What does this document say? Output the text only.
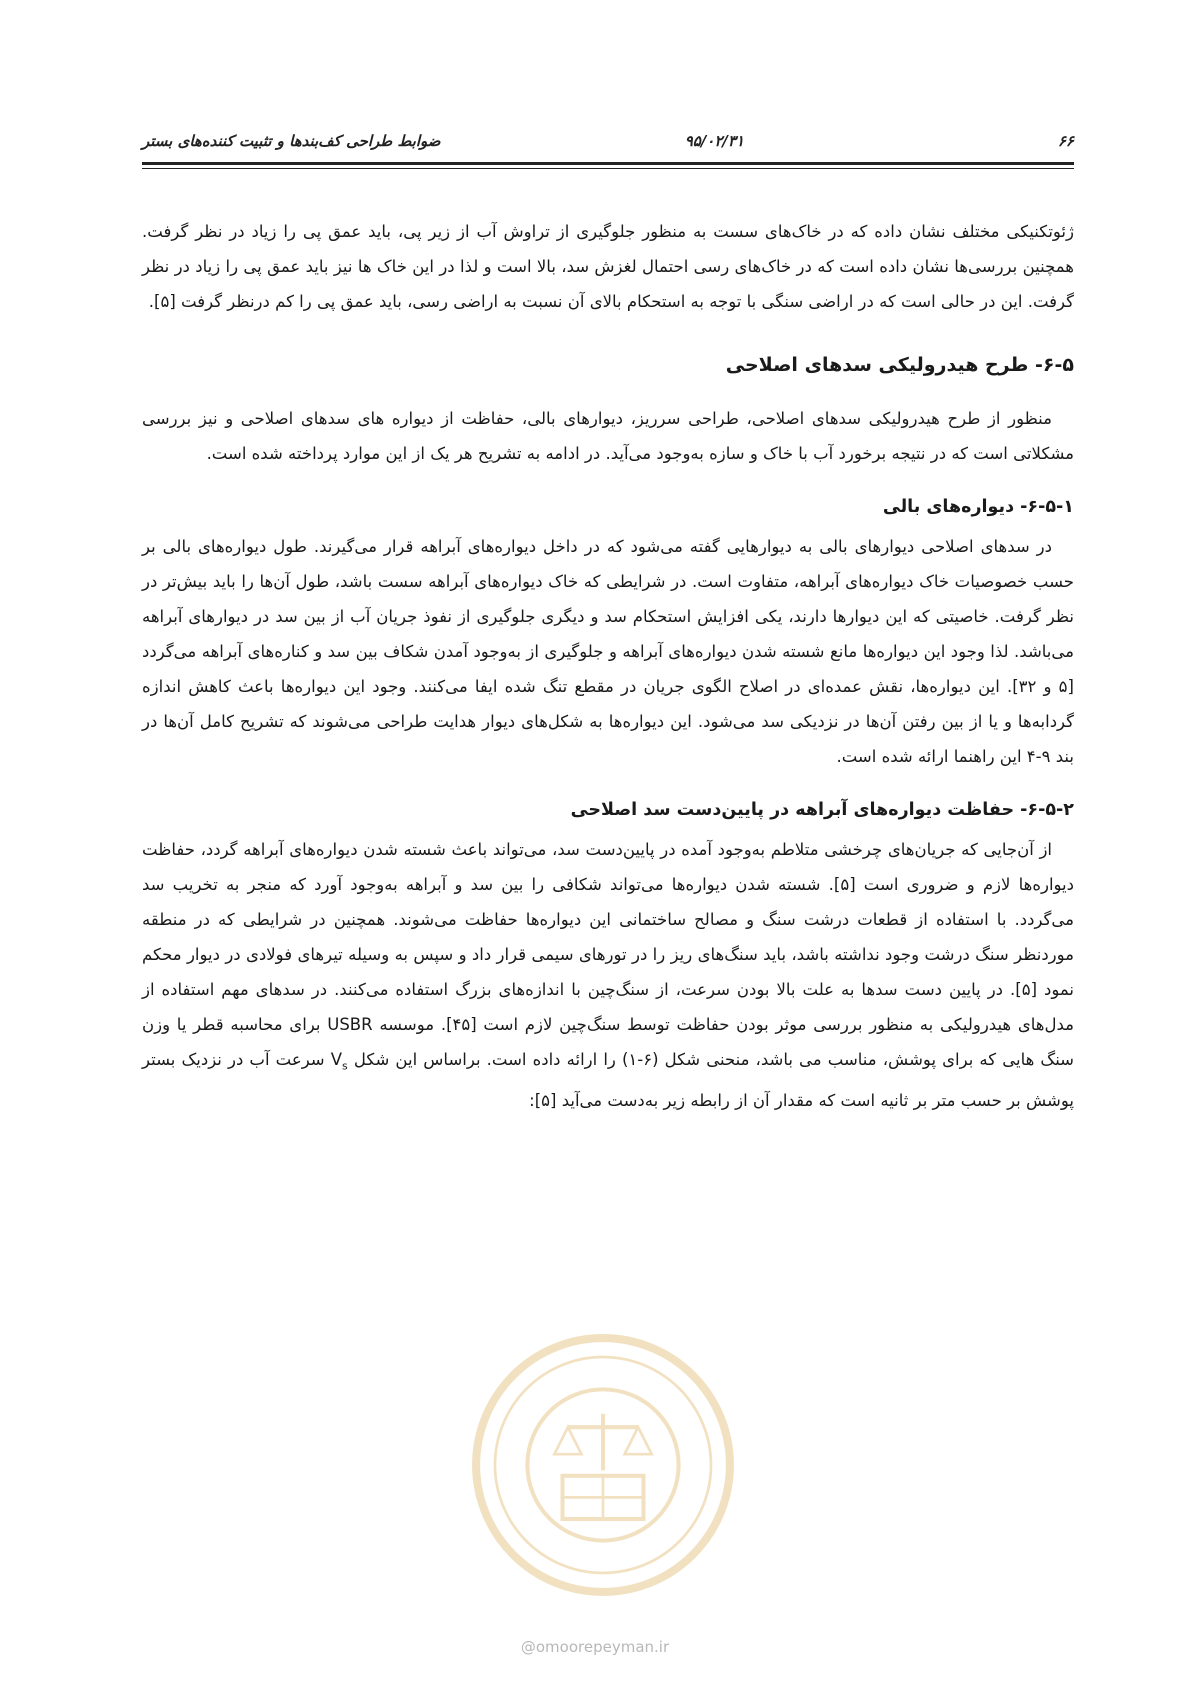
۶۶
۹۵/۰۲/۳۱
ضوابط طراحی کف‌بندها و تثبیت کننده‌های بستر

ژئوتکنیکی مختلف نشان داده که در خاک‌های سست به منظور جلوگیری از تراوش آب از زیر پی، باید عمق پی را زیاد در نظر گرفت. همچنین بررسی‌ها نشان داده است که در خاک‌های رسی احتمال لغزش سد، بالا است و لذا در این خاک ها نیز باید عمق پی را زیاد در نظر گرفت. این در حالی است که در اراضی سنگی با توجه به استحکام بالای آن نسبت به اراضی رسی، باید عمق پی را کم درنظر گرفت [۵].

۶-۵- طرح هیدرولیکی سدهای اصلاحی

منظور از طرح هیدرولیکی سدهای اصلاحی، طراحی سرریز، دیوارهای بالی، حفاظت از دیواره های سدهای اصلاحی و نیز بررسی مشکلاتی است که در نتیجه برخورد آب با خاک و سازه به‌وجود می‌آید. در ادامه به تشریح هر یک از این موارد پرداخته شده است.

۶-۵-۱- دیواره‌های بالی

در سدهای اصلاحی دیوارهای بالی به دیوارهایی گفته می‌شود که در داخل دیواره‌های آبراهه قرار می‌گیرند. طول دیواره‌های بالی بر حسب خصوصیات خاک دیواره‌های آبراهه، متفاوت است. در شرایطی که خاک دیواره‌های آبراهه سست باشد، طول آن‌ها را باید بیش‌تر در نظر گرفت. خاصیتی که این دیوارها دارند، یکی افزایش استحکام سد و دیگری جلوگیری از نفوذ جریان آب از بین سد در دیوارهای آبراهه می‌باشد. لذا وجود این دیواره‌ها مانع شسته شدن دیواره‌های آبراهه و جلوگیری از به‌وجود آمدن شکاف بین سد و کناره‌های آبراهه می‌گردد [۵ و ۳۲]. این دیواره‌ها، نقش عمده‌ای در اصلاح الگوی جریان در مقطع تنگ شده ایفا می‌کنند. وجود این دیواره‌ها باعث کاهش اندازه گردابه‌ها و یا از بین رفتن آن‌ها در نزدیکی سد می‌شود. این دیواره‌ها به شکل‌های دیوار هدایت طراحی می‌شوند که تشریح کامل آن‌ها در بند ۹-۴ این راهنما ارائه شده است.

۶-۵-۲- حفاظت دیواره‌های آبراهه در پایین‌دست سد اصلاحی

از آن‌جایی که جریان‌های چرخشی متلاطم به‌وجود آمده در پایین‌دست سد، می‌تواند باعث شسته شدن دیواره‌های آبراهه گردد، حفاظت دیواره‌ها لازم و ضروری است [۵]. شسته شدن دیواره‌ها می‌تواند شکافی را بین سد و آبراهه به‌وجود آورد که منجر به تخریب سد می‌گردد. با استفاده از قطعات درشت سنگ و مصالح ساختمانی این دیواره‌ها حفاظت می‌شوند. همچنین در شرایطی که در منطقه موردنظر سنگ درشت وجود نداشته باشد، باید سنگ‌های ریز را در تورهای سیمی قرار داد و سپس به وسیله تیرهای فولادی در دیوار محکم نمود [۵]. در پایین دست سدها به علت بالا بودن سرعت، از سنگ‌چین با اندازه‌های بزرگ استفاده می‌کنند. در سدهای مهم استفاده از مدل‌های هیدرولیکی به منظور بررسی موثر بودن حفاظت توسط سنگ‌چین لازم است [۴۵]. موسسه USBR برای محاسبه قطر یا وزن سنگ هایی که برای پوشش، مناسب می باشد، منحنی شکل (۶-۱) را ارائه داده است. براساس این شکل $V_s$ سرعت آب در نزدیک بستر پوشش بر حسب متر بر ثانیه است که مقدار آن از رابطه زیر به‌دست می‌آید [۵]:

@omoorepeyman.ir
